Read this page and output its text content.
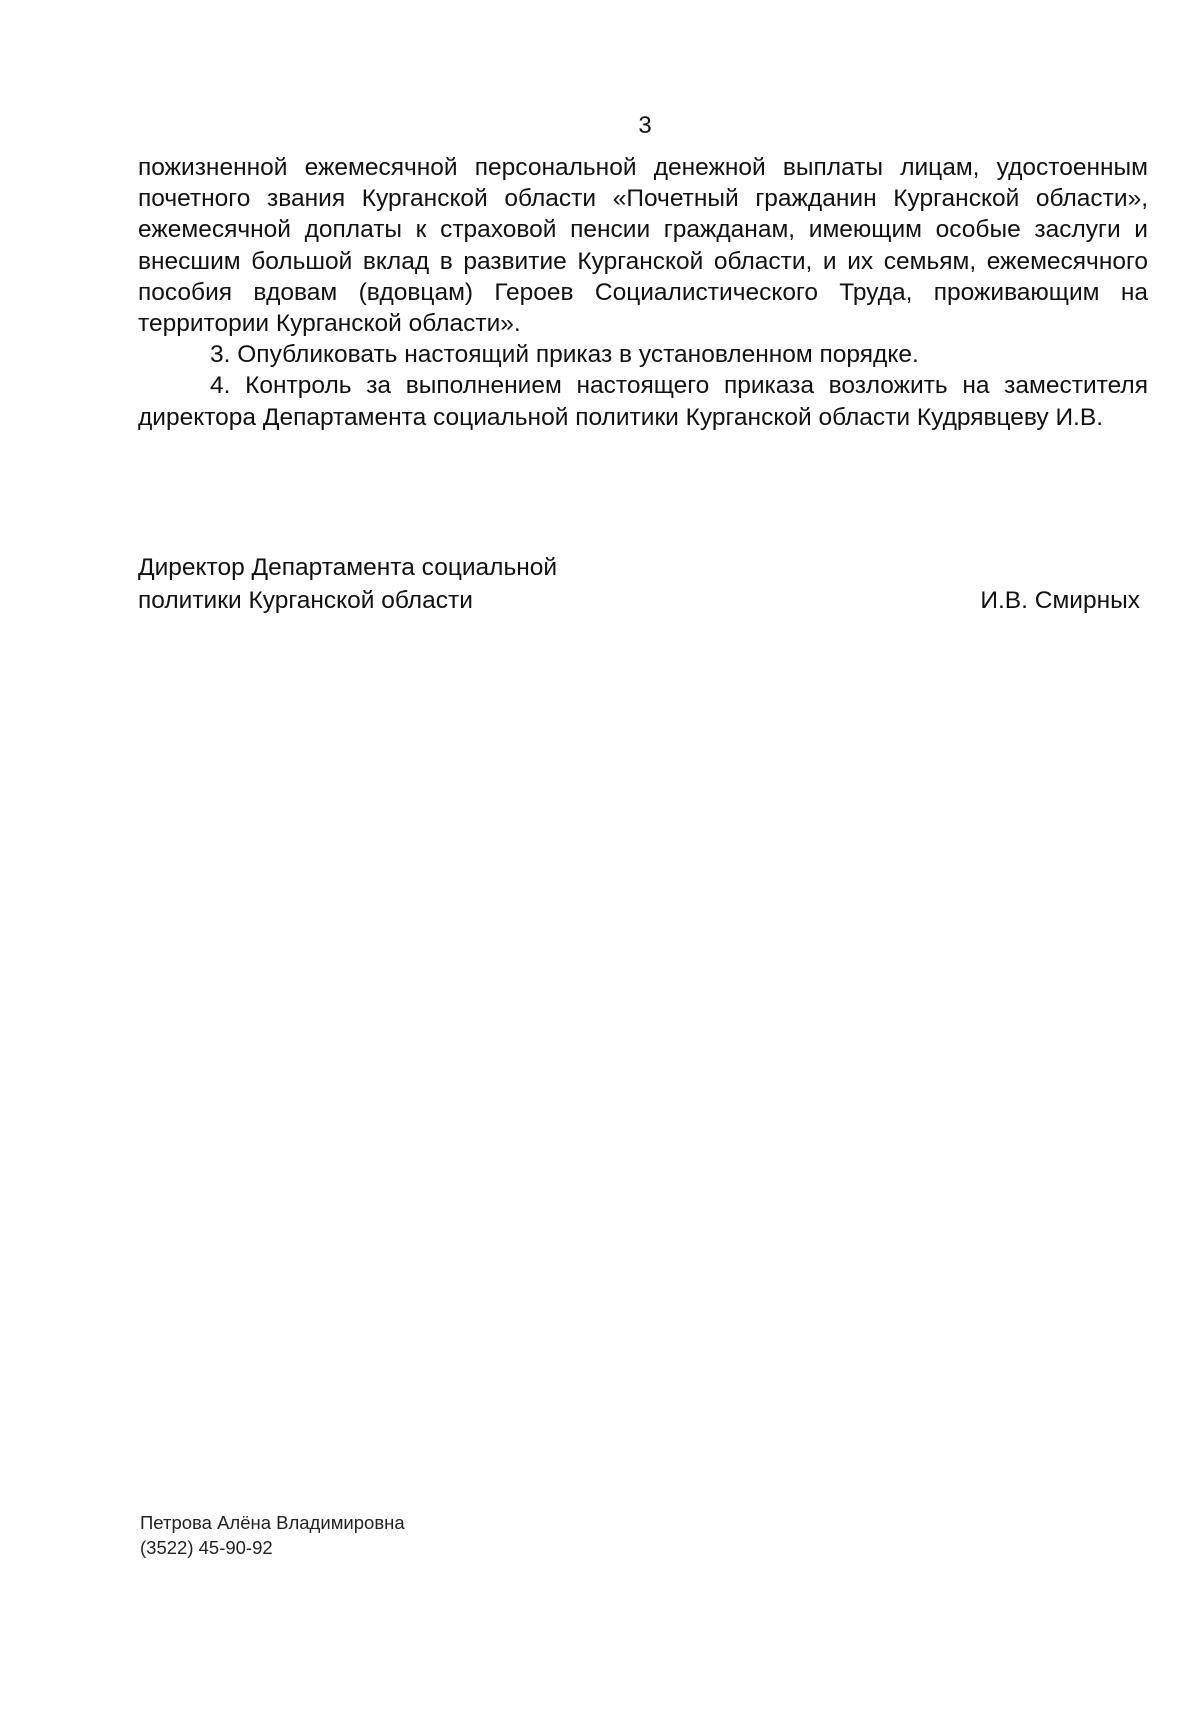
3

пожизненной ежемесячной персональной денежной выплаты лицам, удостоенным почетного звания Курганской области «Почетный гражданин Курганской области», ежемесячной доплаты к страховой пенсии гражданам, имеющим особые заслуги и внесшим большой вклад в развитие Курганской области, и их семьям, ежемесячного пособия вдовам (вдовцам) Героев Социалистического Труда, проживающим на территории Курганской области».

3. Опубликовать настоящий приказ в установленном порядке.

4. Контроль за выполнением настоящего приказа возложить на заместителя директора Департамента социальной политики Курганской области Кудрявцеву И.В.

Директор Департамента социальной
политики Курганской области	И.В. Смирных
Петрова Алёна Владимировна
(3522) 45-90-92
